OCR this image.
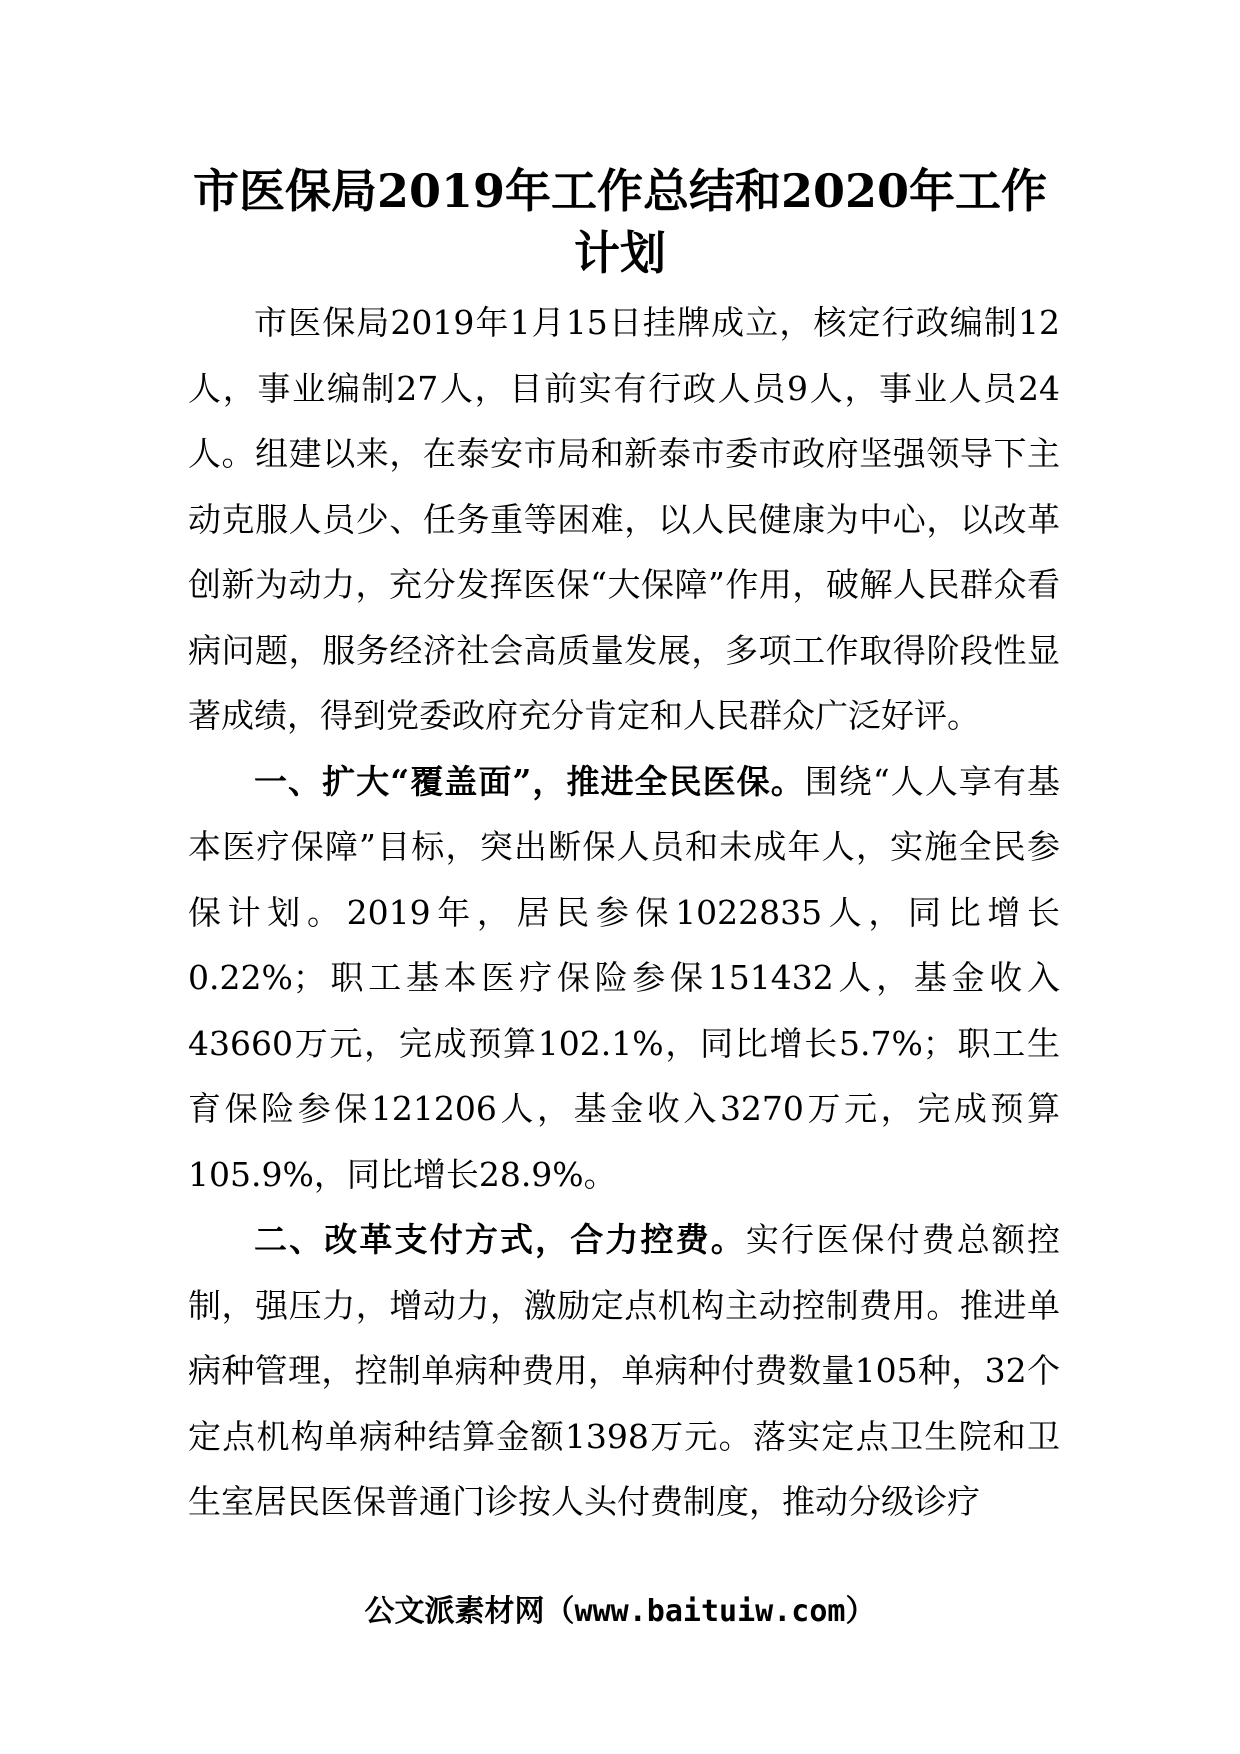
市医保局2019年工作总结和2020年工作计划

市医保局2019年1月15日挂牌成立，核定行政编制12人，事业编制27人，目前实有行政人员9人，事业人员24人。组建以来，在泰安市局和新泰市委市政府坚强领导下主动克服人员少、任务重等困难，以人民健康为中心，以改革创新为动力，充分发挥医保“大保障”作用，破解人民群众看病问题，服务经济社会高质量发展，多项工作取得阶段性显著成绩，得到党委政府充分肯定和人民群众广泛好评。

一、扩大“覆盖面”，推进全民医保。围绕“人人享有基本医疗保障”目标，突出断保人员和未成年人，实施全民参保计划。2019年，居民参保1022835人，同比增长0.22%；职工基本医疗保险参保151432人，基金收入43660万元，完成预算102.1%，同比增长5.7%；职工生育保险参保121206人，基金收入3270万元，完成预算105.9%，同比增长28.9%。

二、改革支付方式，合力控费。实行医保付费总额控制，强压力，增动力，激励定点机构主动控制费用。推进单病种管理，控制单病种费用，单病种付费数量105种，32个定点机构单病种结算金额1398万元。落实定点卫生院和卫生室居民医保普通门诊按人头付费制度，推动分级诊疗

公文派素材网（www.baituiw.com）
